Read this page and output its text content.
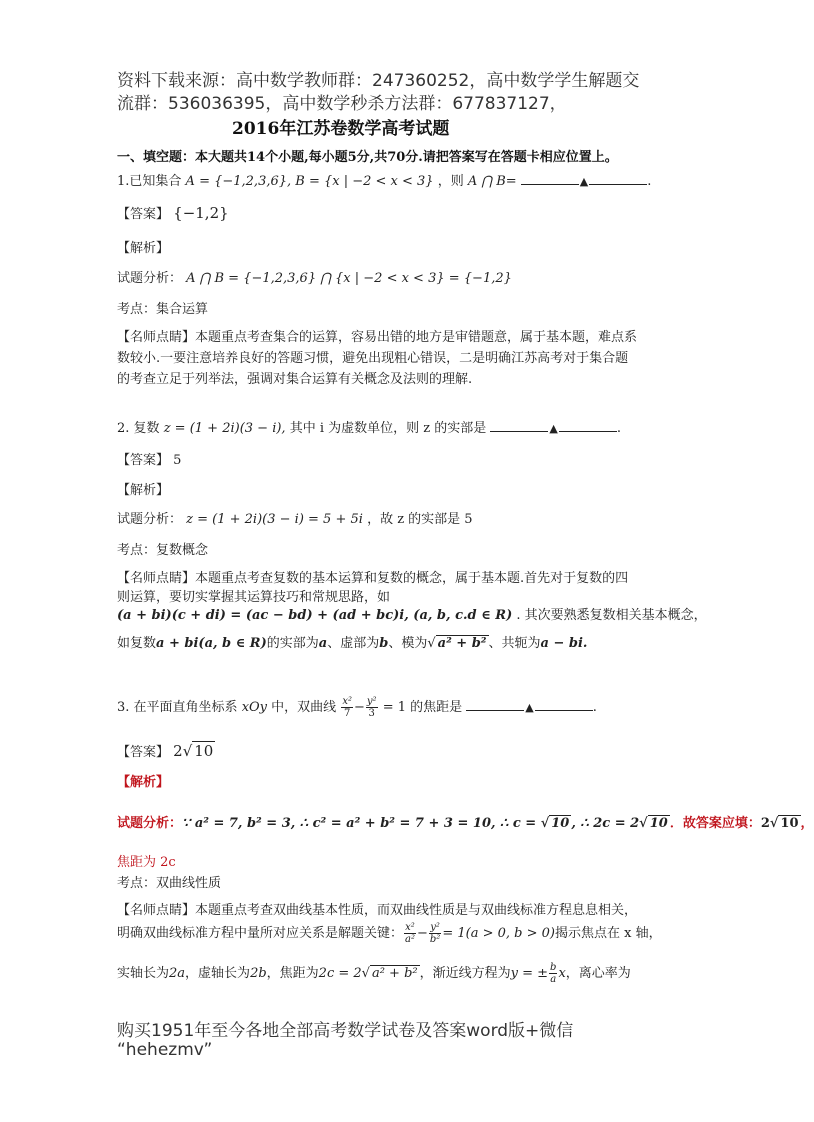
资料下载来源：高中数学教师群：247360252，高中数学学生解题交
流群：536036395，高中数学秒杀方法群：677837127，
2016年江苏卷数学高考试题
一、填空题：本大题共14个小题,每小题5分,共70分.请把答案写在答题卡相应位置上。
1.已知集合 A = {−1,2,3,6}, B = {x | −2 < x < 3} ，则 A ⋂ B=	▲	.
【答案】 {−1,2}
【解析】
试题分析： A ⋂ B = {−1,2,3,6} ⋂ {x | −2 < x < 3} = {−1,2}
考点：集合运算
【名师点睛】本题重点考查集合的运算，容易出错的地方是审错题意，属于基本题，难点系
数较小.一要注意培养良好的答题习惯，避免出现粗心错误，二是明确江苏高考对于集合题
的考查立足于列举法，强调对集合运算有关概念及法则的理解.
2. 复数 z = (1 + 2i)(3 − i), 其中 i 为虚数单位，则 z 的实部是	▲	.
【答案】 5
【解析】
试题分析： z = (1 + 2i)(3 − i) = 5 + 5i ，故 z 的实部是 5
考点：复数概念
【名师点睛】本题重点考查复数的基本运算和复数的概念，属于基本题.首先对于复数的四
则运算，要切实掌握其运算技巧和常规思路，如
(a + bi)(c + di) = (ac − bd) + (ad + bc)i, (a, b, c.d ∈ R) . 其次要熟悉复数相关基本概念，
如复数a + bi(a, b ∈ R)的实部为a、虚部为b、模为√ a² + b² 、共轭为a − bi.
3. 在平面直角坐标系 xOy 中，双曲线 $\frac{\text{x²}}{7} - \frac{\text{y²}}{3} = 1$ 的焦距是	▲	.
【答案】 2√ 10
【解析】
试题分析：∵ a² = 7, b² = 3, ∴ c² = a² + b² = 7 + 3 = 10, ∴ c = √ 10 , ∴ 2c = 2√ 10 ．故答案应填：2√ 10 ，
焦距为 2c
考点：双曲线性质
【名师点睛】本题重点考查双曲线基本性质，而双曲线性质是与双曲线标准方程息息相关，
明确双曲线标准方程中量所对应关系是解题关键： $\frac{\text{x²}}{\text{a²}} - \frac{\text{y²}}{\text{b²}} = 1(a > 0$, b > 0)揭示焦点在 x 轴，
实轴长为2a，虚轴长为2b，焦距为2c = 2√ a² + b² ，渐近线方程为y = ± $\frac{b}{a}$ x，离心率为
购买1951年至今各地全部高考数学试卷及答案word版+微信
“hehezmv”
